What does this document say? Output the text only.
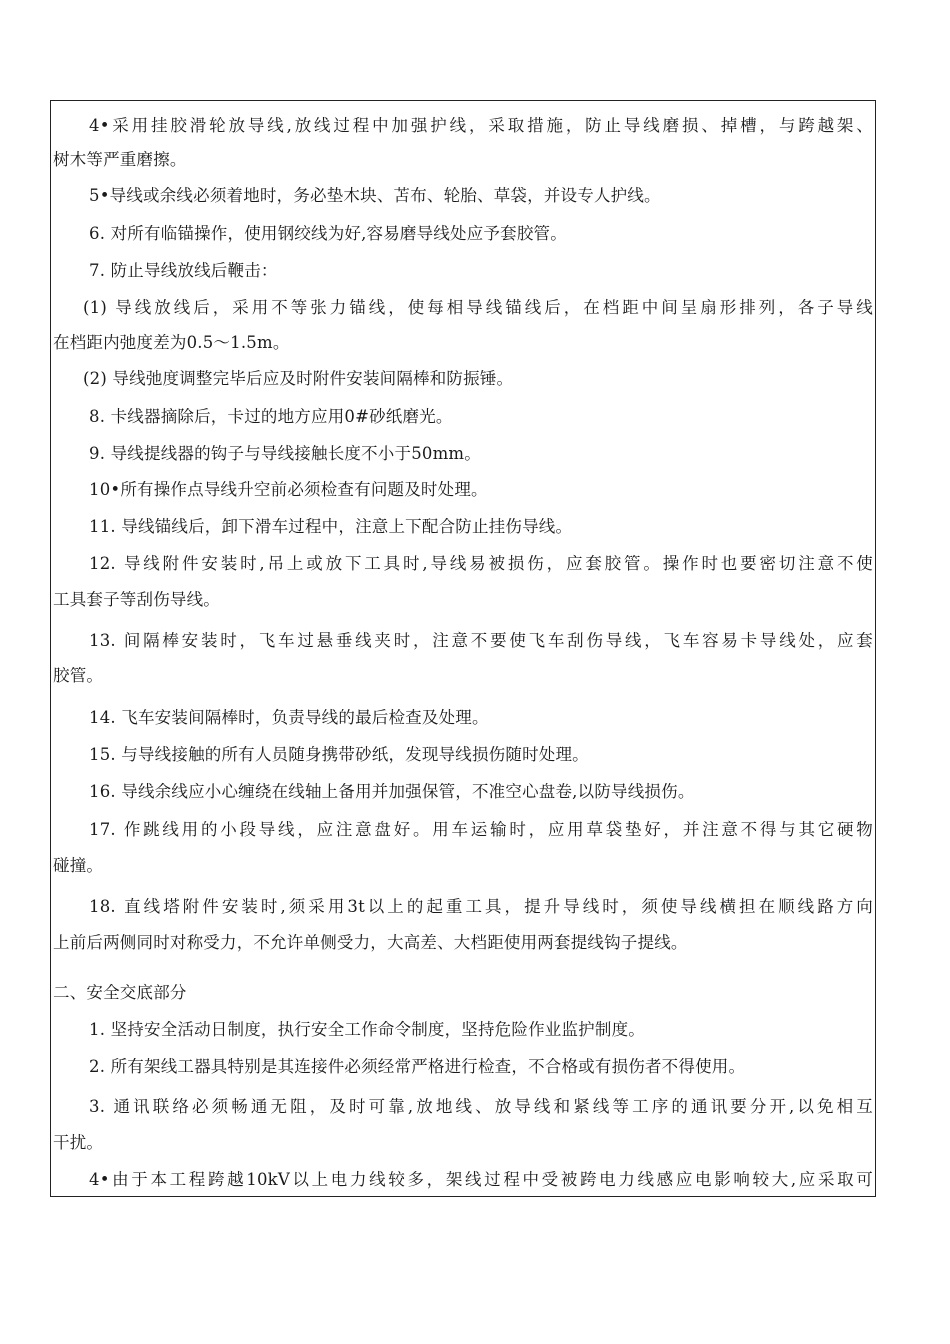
4•采用挂胶滑轮放导线,放线过程中加强护线，采取措施，防止导线磨损、掉槽，与跨越架、
树木等严重磨擦。
5•导线或余线必须着地时，务必垫木块、苫布、轮胎、草袋，并设专人护线。
6. 对所有临锚操作，使用钢绞线为好,容易磨导线处应予套胶管。
7. 防止导线放线后鞭击：
(1) 导线放线后，采用不等张力锚线，使每相导线锚线后，在档距中间呈扇形排列，各子导线
在档距内弛度差为0.5〜1.5m。
(2) 导线弛度调整完毕后应及时附件安装间隔棒和防振锤。
8. 卡线器摘除后，卡过的地方应用0#砂纸磨光。
9. 导线提线器的钩子与导线接触长度不小于50mm。
10•所有操作点导线升空前必须检查有问题及时处理。
11. 导线锚线后，卸下滑车过程中，注意上下配合防止挂伤导线。
12. 导线附件安装时,吊上或放下工具时,导线易被损伤，应套胶管。操作时也要密切注意不使
工具套子等刮伤导线。
13. 间隔棒安装时，飞车过悬垂线夹时，注意不要使飞车刮伤导线，飞车容易卡导线处，应套
胶管。
14. 飞车安装间隔棒时，负责导线的最后检查及处理。
15. 与导线接触的所有人员随身携带砂纸，发现导线损伤随时处理。
16. 导线余线应小心缠绕在线轴上备用并加强保管，不准空心盘卷,以防导线损伤。
17. 作跳线用的小段导线，应注意盘好。用车运输时，应用草袋垫好，并注意不得与其它硬物
碰撞。
18. 直线塔附件安装时,须采用3t以上的起重工具，提升导线时，须使导线横担在顺线路方向
上前后两侧同时对称受力，不允许单侧受力，大高差、大档距使用两套提线钩子提线。
二、安全交底部分
1. 坚持安全活动日制度，执行安全工作命令制度，坚持危险作业监护制度。
2. 所有架线工器具特别是其连接件必须经常严格进行检查，不合格或有损伤者不得使用。
3. 通讯联络必须畅通无阻，及时可靠,放地线、放导线和紧线等工序的通讯要分开,以免相互
干扰。
4•由于本工程跨越10kV以上电力线较多，架线过程中受被跨电力线感应电影响较大,应采取可
